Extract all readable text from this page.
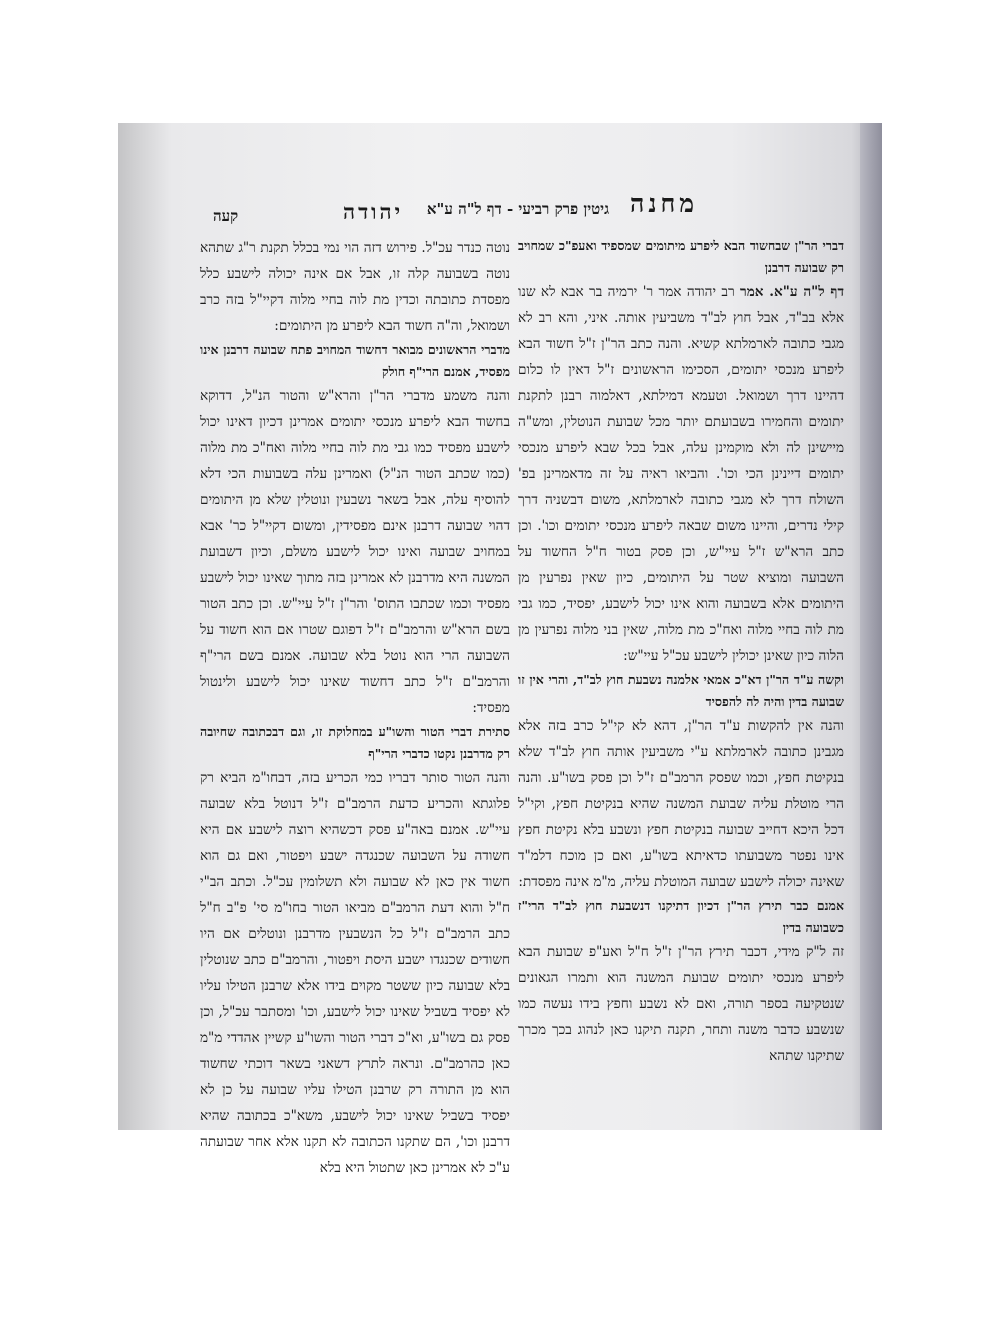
קעה	יהודה	גיטין פרק רביעי - דף ל"ה ע"א מחנה

דברי הר"ן שבחשוד הבא ליפרע מיתומים שמספיד ואעפ"כ שמחויב רק שבועה דרבנן

דף ל"ה ע"א. אמר רב יהודה אמר ר' ירמיה בר אבא לא שנו אלא בב"ד, אבל חוץ לב"ד משביעין אותה. איני, והא רב לא מגבי כתובה לארמלתא קשיא. והנה כתב הר"ן ז"ל חשוד הבא ליפרע מנכסי יתומים, הסכימו הראשונים ז"ל דאין לו כלום דהיינו דרך ושמואל. וטעמא דמילתא, דאלמוה רבנן לתקנת יתומים והחמירו בשבועתם יותר מכל שבועת הנוטלין, ומש"ה מיישינן לה ולא מוקמינן עלה, אבל בכל שבא ליפרע מנכסי יתומים דיינינן הכי וכו'. והביאו ראיה על זה מדאמרינן בפ' השולח דרך לא מגבי כתובה לארמלתא, משום דבשניה דרך קילי נדרים, והיינו משום שבאה ליפרע מנכסי יתומים וכו'. וכן כתב הרא"ש ז"ל עיי"ש, וכן פסק בטור ח"ל החשוד על השבועה ומוציא שטר על היתומים, כיון שאין נפרעין מן היתומים אלא בשבועה והוא אינו יכול לישבע, יפסיד, כמו גבי מת לוה בחיי מלוה ואח"כ מת מלוה, שאין בני מלוה נפרעין מן הלוה כיון שאינן יכולין לישבע עכ"ל עיי"ש:

וקשה ע"ד הר"ן דא"כ אמאי אלמנה נשבעת חוץ לב"ד, והרי אין זו שבועה בדין והיה לה להפסיד

והנה אין להקשות ע"ד הר"ן, דהא לא קי"ל כרב בזה אלא מגבינן כתובה לארמלתא ע"י משביעין אותה חוץ לב"ד שלא בנקיטת חפץ, וכמו שפסק הרמב"ם ז"ל וכן פסק בשו"ע. והנה הרי מוטלת עליה שבועת המשנה שהיא בנקיטת חפץ, וקי"ל דכל היכא דחייב שבועה בנקיטת חפץ ונשבע בלא נקיטת חפץ אינו נפטר משבועתו כדאיתא בשו"ע, ואם כן מוכח דלמ"ד שאינה יכולה לישבע שבועה המוטלת עליה, מ"מ אינה מפסדת:

אמנם כבר תירץ הר"ן דכיון דתיקנו דנשבעת חוץ לב"ד הרי"ז כשבועה בדין

זה ל"ק מידי, דכבר תירץ הר"ן ז"ל ח"ל ואע"פ שבועת הבא ליפרע מנכסי יתומים שבועת המשנה הוא ותמרו הגאונים שנטקיעה בספר תורה, ואם לא נשבע וחפץ בידו נעשה כמו שנשבע כדבר משנה ותחר, תקנה תיקנו כאן לנהוג בכך מכרך שתיקנו שתהא

נוטה כנדר עכ"ל. פירוש דזה הוי נמי בכלל תקנת ר"ג שתהא נוטה בשבועה קלה זו, אבל אם אינה יכולה לישבע כלל מפסדת כתובתה וכדין מת לוה בחיי מלוה דקיי"ל בזה כרב ושמואל, וה"ה חשוד הבא ליפרע מן היתומים:

מדברי הראשונים מבואר דחשוד המחויב פתח שבועה דרבנן אינו מפסיד, אמנם הרי"ף חולק

והנה משמע מדברי הר"ן והרא"ש והטור הנ"ל, דדוקא בחשוד הבא ליפרע מנכסי יתומים אמרינן דכיון דאינו יכול לישבע מפסיד כמו גבי מת לוה בחיי מלוה ואח"כ מת מלוה (כמו שכתב הטור הנ"ל) ואמרינן עלה בשבועות הכי דלא להוסיף עלה, אבל בשאר נשבעין ונוטלין שלא מן היתומים דהוי שבועה דרבנן אינם מפסידין, ומשום דקיי"ל כר' אבא במחויב שבועה ואינו יכול לישבע משלם, וכיון דשבועת המשנה היא מדרבנן לא אמרינן בזה מתוך שאינו יכול לישבע מפסיד וכמו שכתבו התוס' והר"ן ז"ל עיי"ש. וכן כתב הטור בשם הרא"ש והרמב"ם ז"ל דפוגם שטרו אם הוא חשוד על השבועה הרי הוא נוטל בלא שבועה. אמנם בשם הרי"ף והרמב"ם ז"ל כתב דחשוד שאינו יכול לישבע ולינטול מפסיד:

סתירת דברי הטור והשו"ע במחלוקת זו, וגם דבכתובה שחיובה רק מדרבנן נקטו כדברי הרי"ף

והנה הטור סותר דבריו כמי הכריע בזה, דבחו"מ הביא רק פלוגתא והכריע כדעת הרמב"ם ז"ל דנוטל בלא שבועה עיי"ש. אמנם באה"ע פסק דכשהיא רוצה לישבע אם היא חשודה על השבועה שכנגדה ישבע ויפטור, ואם גם הוא חשוד אין כאן לא שבועה ולא תשלומין עכ"ל. וכתב הב"י ח"ל והוא דעת הרמב"ם מביאו הטור בחו"מ סי' פ"ב ח"ל כתב הרמב"ם ז"ל כל הנשבעין מדרבנן ונוטלים אם היו חשודים שכנגדו ישבע היסת ויפטור, והרמב"ם כתב שנוטלין בלא שבועה כיון ששטר מקוים בידו אלא שרבנן הטילו עליו לא יפסיד בשביל שאינו יכול לישבע, וכו' ומסתבר עכ"ל, וכן פסק גם בשו"ע, וא"כ דברי הטור והשו"ע קשיין אהדדי מ"מ כאן כהרמב"ם. ונראה לתרץ דשאני בשאר דוכתי שחשוד הוא מן התורה רק שרבנן הטילו עליו שבועה על כן לא יפסיד בשביל שאינו יכול לישבע, משא"כ בכתובה שהיא דרבנן וכו', הם שתקנו הכתובה לא תקנו אלא אחר שבועתה ע"כ לא אמרינן כאן שתטול היא בלא
